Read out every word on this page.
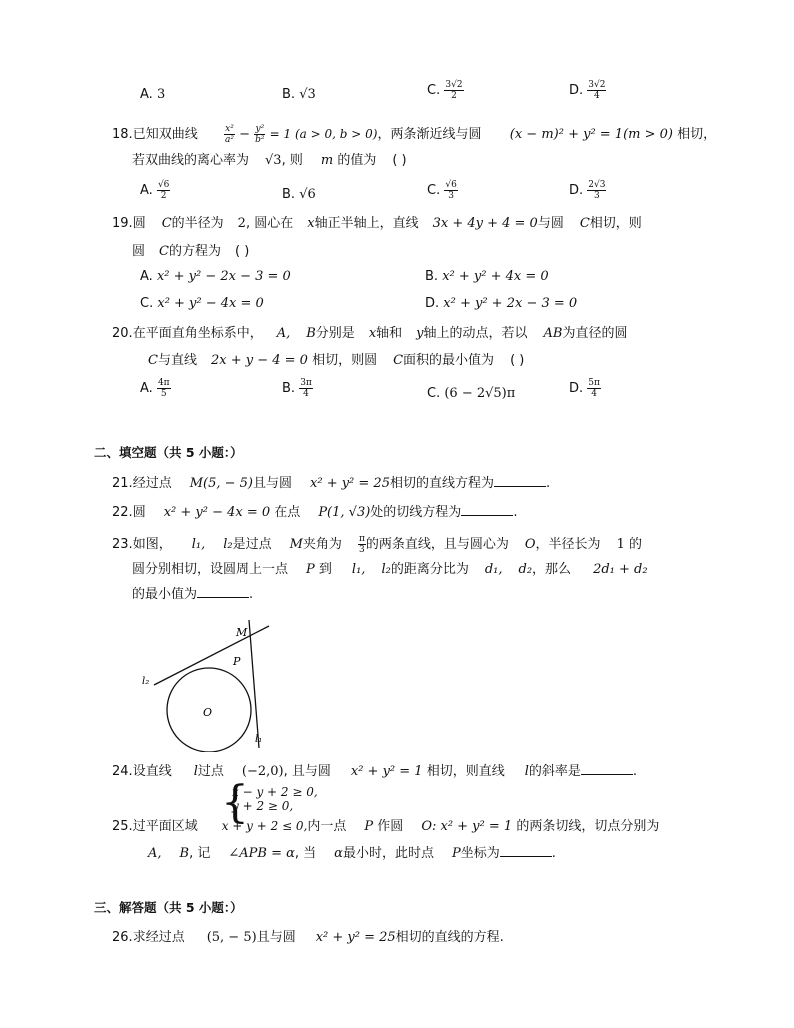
A. 3	B. √3	C. $\frac{3√2}{2}$	D. $\frac{3√2}{4}$
18.已知双曲线	$\frac{\text{x²}}{\text{a²}} - \frac{\text{y²}}{\text{b²}} = 1$ (a > 0, b > 0)，两条渐近线与圆 (x − m)² + y² = 1(m > 0) 相切，
若双曲线的离心率为 √3, 则 m 的值为 ( )
A. $\frac{√6}{2}$	B. √6	C. $\frac{√6}{3}$	D. $\frac{2√3}{3}$
19.圆 C的半径为 2, 圆心在 x轴正半轴上，直线 3x + 4y + 4 = 0与圆 C相切，则
圆 C的方程为 ( )
A. x² + y² − 2x − 3 = 0	B. x² + y² + 4x = 0
C. x² + y² − 4x = 0	D. x² + y² + 2x − 3 = 0
20.在平面直角坐标系中， A, B分别是 x轴和 y轴上的动点，若以 AB为直径的圆
C与直线 2x + y − 4 = 0 相切，则圆 C面积的最小值为 ( )
A. $\frac{4\pi}{5}$	B. $\frac{3\pi}{4}$	C. (6 − 2√5)π	D. $\frac{5\pi}{4}$
二、填空题（共 5 小题：）
21.经过点 M(5, − 5)且与圆 x² + y² = 25相切的直线方程为	.
22.圆 x² + y² − 4x = 0 在点 P(1, √3)处的切线方程为	.
23.如图， l₁, l₂是过点 M夹角为 $\frac{\pi}{3}$ 的两条直线，且与圆心为 O，半径长为 1 的
圆分别相切，设圆周上一点 P 到 l₁, l₂的距离分比为 d₁, d₂，那么 2d₁ + d₂
的最小值为	.
M
P
O
l₂
l₁
24.设直线 l过点 (−2,0), 且与圆 x² + y² = 1 相切，则直线 l的斜率是	.
{
x − y + 2 ≥ 0,
y + 2 ≥ 0,
25.过平面区域 x + y + 2 ≤ 0,内一点 P 作圆 O: x² + y² = 1 的两条切线，切点分别为
A, B, 记 ∠APB = α, 当 α最小时，此时点 P坐标为	.
三、解答题（共 5 小题：）
26.求经过点 (5, − 5)且与圆 x² + y² = 25相切的直线的方程.
